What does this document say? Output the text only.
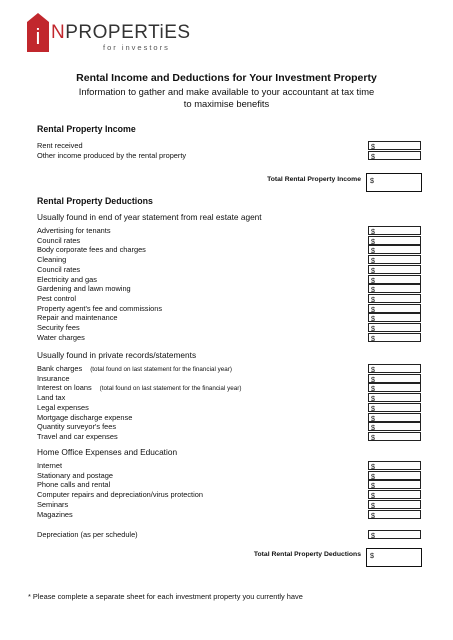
i NPROPERTiES
for investors
Rental Income and Deductions for Your Investment Property
Information to gather and make available to your accountant at tax time
to maximise benefits
Rental Property Income
Rent received	$
Other income produced by the rental property	$
Total Rental Property Income	$
Rental Property Deductions
Usually found in end of year statement from real estate agent
Advertising for tenants	$
Council rates	$
Body corporate fees and charges	$
Cleaning	$
Council rates	$
Electricity and gas	$
Gardening and lawn mowing	$
Pest control	$
Property agent's fee and commissions	$
Repair and maintenance	$
Security fees	$
Water charges	$
Usually found in private records/statements
Bank charges (total found on last statement for the financial year)	$
Insurance	$
Interest on loans (total found on last statement for the financial year)	$
Land tax	$
Legal expenses	$
Mortgage discharge expense	$
Quantity surveyor's fees	$
Travel and car expenses	$
Home Office Expenses and Education
Internet	$
Stationary and postage	$
Phone calls and rental	$
Computer repairs and depreciation/virus protection	$
Seminars	$
Magazines	$
Depreciation (as per schedule)	$
Total Rental Property Deductions	$
* Please complete a separate sheet for each investment property you currently have
